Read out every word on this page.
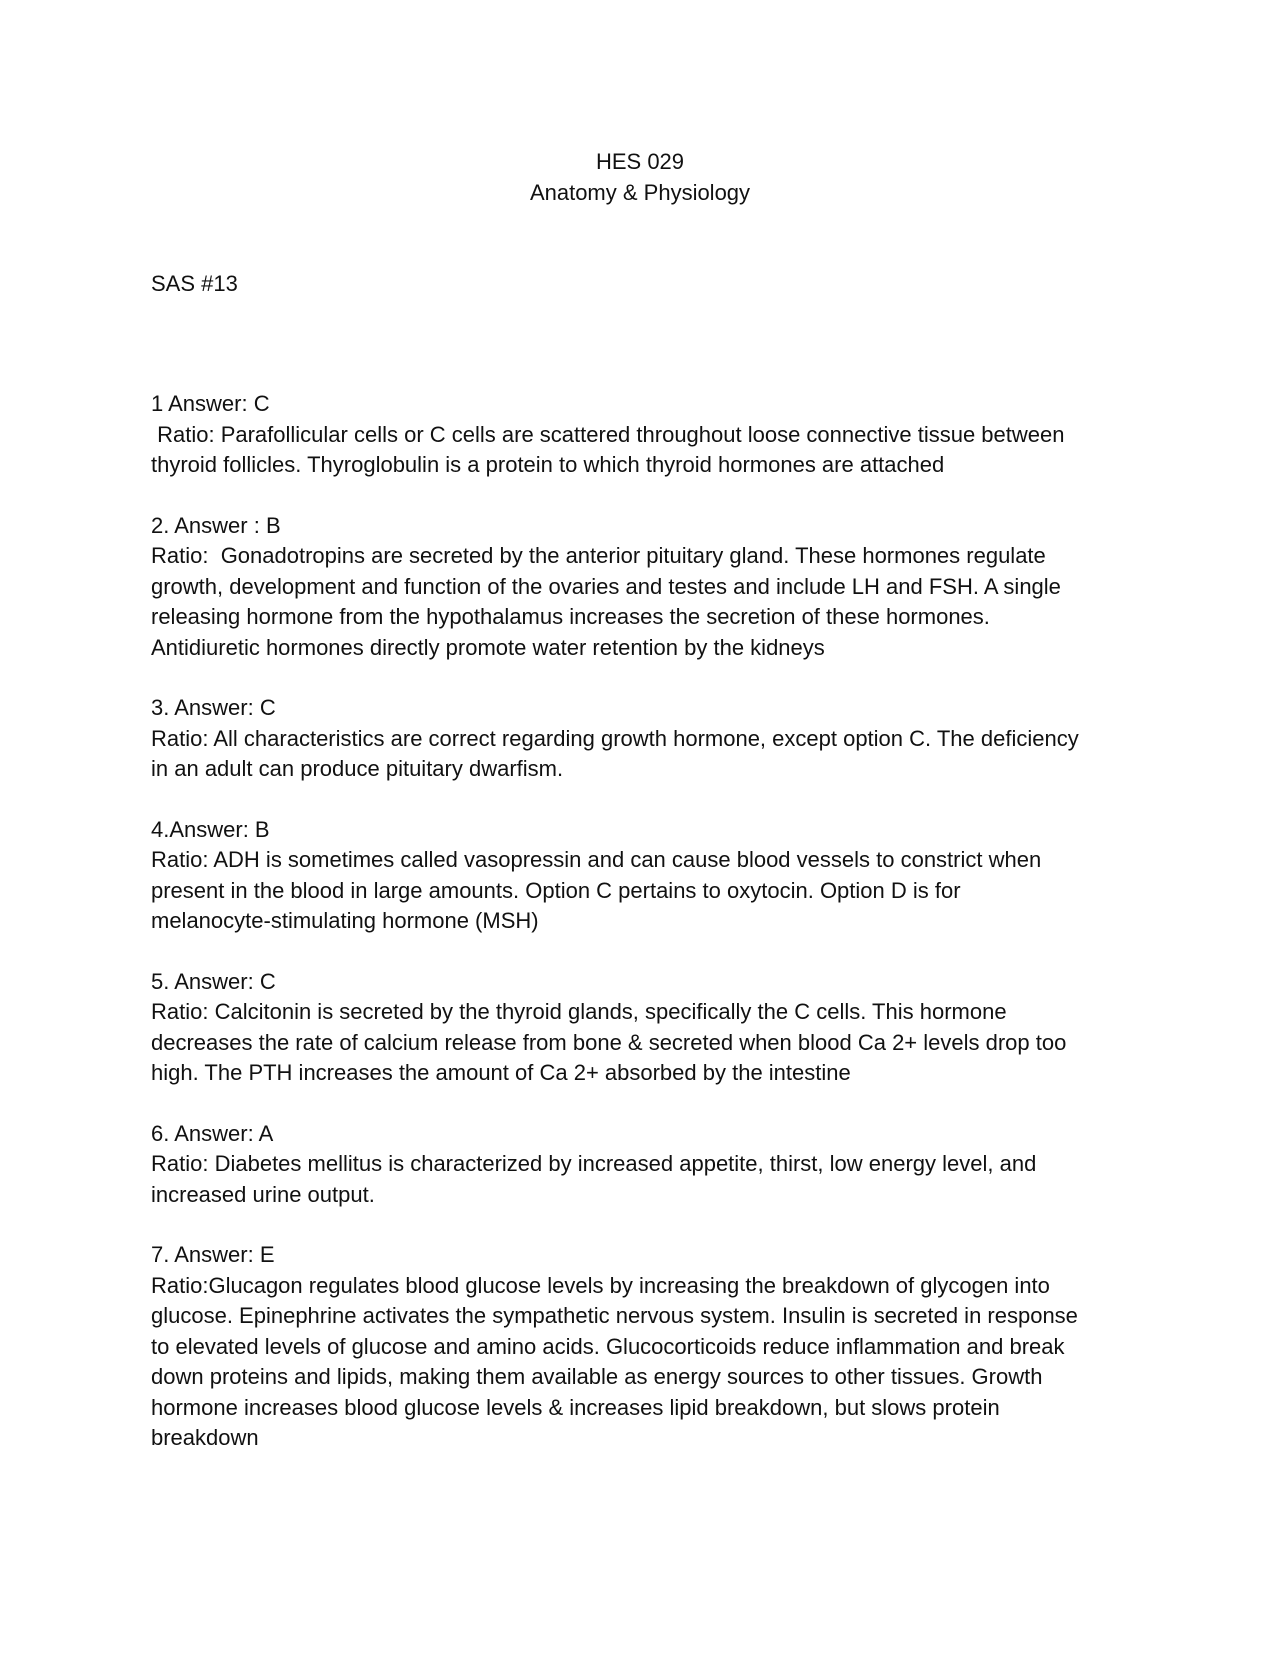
HES 029
Anatomy & Physiology
SAS #13
1 Answer: C
Ratio: Parafollicular cells or C cells are scattered throughout loose connective tissue between
thyroid follicles. Thyroglobulin is a protein to which thyroid hormones are attached
2. Answer : B
Ratio:  Gonadotropins are secreted by the anterior pituitary gland. These hormones regulate
growth, development and function of the ovaries and testes and include LH and FSH. A single
releasing hormone from the hypothalamus increases the secretion of these hormones.
Antidiuretic hormones directly promote water retention by the kidneys
3. Answer: C
Ratio: All characteristics are correct regarding growth hormone, except option C. The deficiency
in an adult can produce pituitary dwarfism.
4.Answer: B
Ratio: ADH is sometimes called vasopressin and can cause blood vessels to constrict when
present in the blood in large amounts. Option C pertains to oxytocin. Option D is for
melanocyte-stimulating hormone (MSH)
5. Answer: C
Ratio: Calcitonin is secreted by the thyroid glands, specifically the C cells. This hormone
decreases the rate of calcium release from bone & secreted when blood Ca 2+ levels drop too
high. The PTH increases the amount of Ca 2+ absorbed by the intestine
6. Answer: A
Ratio: Diabetes mellitus is characterized by increased appetite, thirst, low energy level, and
increased urine output.
7. Answer: E
Ratio:Glucagon regulates blood glucose levels by increasing the breakdown of glycogen into
glucose. Epinephrine activates the sympathetic nervous system. Insulin is secreted in response
to elevated levels of glucose and amino acids. Glucocorticoids reduce inflammation and break
down proteins and lipids, making them available as energy sources to other tissues. Growth
hormone increases blood glucose levels & increases lipid breakdown, but slows protein
breakdown
